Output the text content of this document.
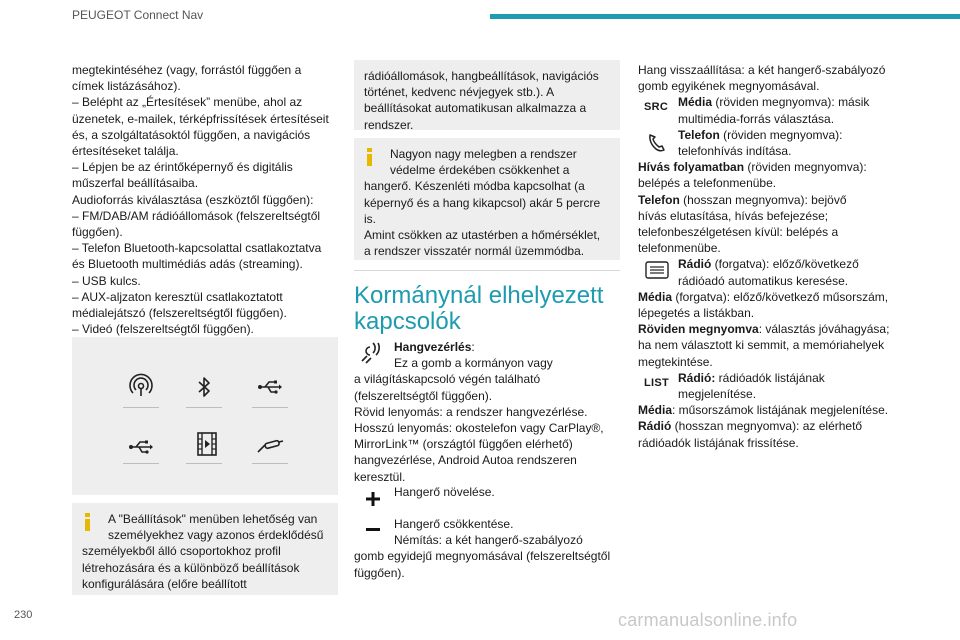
PEUGEOT Connect Nav

megtekintéséhez (vagy, forrástól függően a

címek listázásához).

– Belépht az „Értesítések” menübe, ahol az

üzenetek, e-mailek, térképfrissítések értesítéseit

és, a szolgáltatásoktól függően, a navigációs

értesítéseket találja.

– Lépjen be az érintőképernyő és digitális

műszerfal beállításaiba.

Audioforrás kiválasztása (eszköztől függően):

– FM/DAB/AM rádióállomások (felszereltségtől

függően).

– Telefon Bluetooth-kapcsolattal csatlakoztatva

és Bluetooth multimédiás adás (streaming).

– USB kulcs.

– AUX-aljzaton keresztül csatlakoztatott

médialejátszó (felszereltségtől függően).

– Videó (felszereltségtől függően).

A "Beállítások" menüben lehetőség van

személyekhez vagy azonos érdeklődésű

személyekből álló csoportokhoz profil

létrehozására és a különböző beállítások

konfigurálására (előre beállított

rádióállomások, hangbeállítások, navigációs

történet, kedvenc névjegyek stb.). A

beállításokat automatikusan alkalmazza a

rendszer.

Nagyon nagy melegben a rendszer

védelme érdekében csökkenhet a

hangerő. Készenléti módba kapcsolhat (a

képernyő és a hang kikapcsol) akár 5 percre

is.

Amint csökken az utastérben a hőmérséklet,

a rendszer visszatér normál üzemmódba.

Kormánynál elhelyezett
kapcsolók

Hangvezérlés:

Ez a gomb a kormányon vagy

a világításkapcsoló végén található

(felszereltségtől függően).

Rövid lenyomás: a rendszer hangvezérlése.

Hosszú lenyomás: okostelefon vagy CarPlay®,

MirrorLink™ (országtól függően elérhető)

hangvezérlése, Android Autoa rendszeren

keresztül.

Hangerő növelése.

Hangerő csökkentése.

Némítás: a két hangerő-szabályozó

gomb egyidejű megnyomásával (felszereltségtől

függően).

Hang visszaállítása: a két hangerő-szabályozó

gomb egyikének megnyomásával.

SRC Média (röviden megnyomva): másik

multimédia-forrás választása.

Telefon (röviden megnyomva):

telefonhívás indítása.

Hívás folyamatban (röviden megnyomva):

belépés a telefonmenübe.

Telefon (hosszan megnyomva): bejövő

hívás elutasítása, hívás befejezése;

telefonbeszélgetésen kívül: belépés a

telefonmenübe.

Rádió (forgatva): előző/következő

rádióadó automatikus keresése.

Média (forgatva): előző/következő műsorszám,

lépegetés a listákban.

Röviden megnyomva: választás jóváhagyása;

ha nem választott ki semmit, a memóriahelyek

megtekintése.

LIST Rádió: rádióadók listájának

megjelenítése.

Média: műsorszámok listájának megjelenítése.

Rádió (hosszan megnyomva): az elérhető

rádióadók listájának frissítése.

230	carmanualsonline.info
